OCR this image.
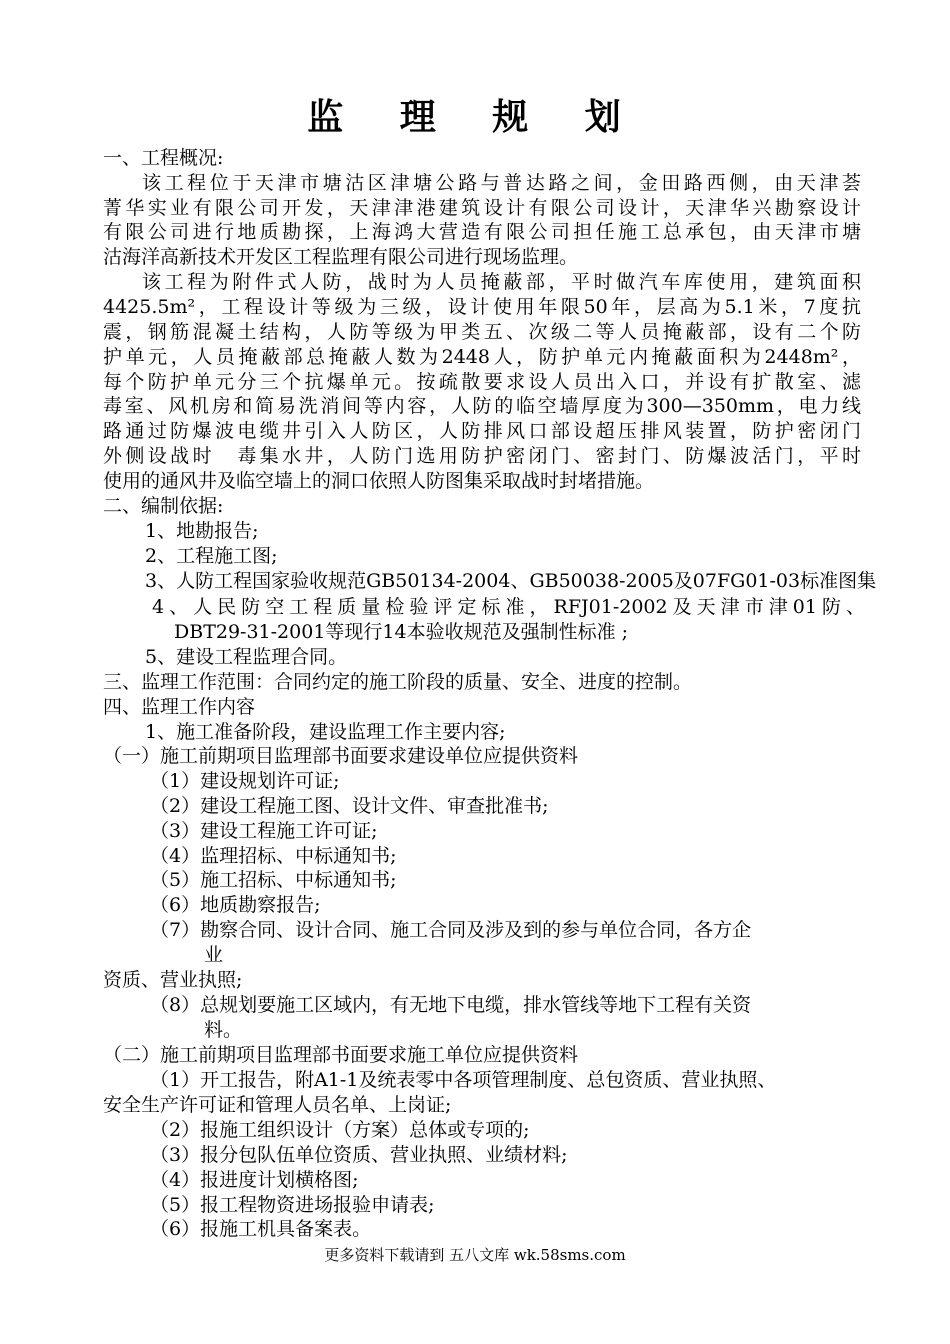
监 理 规 划
一、工程概况:
该工程位于天津市塘沽区津塘公路与普达路之间，金田路西侧，由天津荟
菁华实业有限公司开发，天津津港建筑设计有限公司设计，天津华兴勘察设计
有限公司进行地质勘探，上海鸿大营造有限公司担任施工总承包，由天津市塘
沽海洋高新技术开发区工程监理有限公司进行现场监理。
该工程为附件式人防，战时为人员掩蔽部，平时做汽车库使用，建筑面积
4425.5m²，工程设计等级为三级，设计使用年限50年，层高为5.1米，7度抗
震，钢筋混凝土结构，人防等级为甲类五、次级二等人员掩蔽部，设有二个防
护单元，人员掩蔽部总掩蔽人数为2448人，防护单元内掩蔽面积为2448m²，
每个防护单元分三个抗爆单元。按疏散要求设人员出入口，并设有扩散室、滤
毒室、风机房和简易洗消间等内容，人防的临空墙厚度为300—350mm，电力线
路通过防爆波电缆井引入人防区，人防排风口部设超压排风装置，防护密闭门
外侧设战时　毒集水井，人防门选用防护密闭门、密封门、防爆波活门，平时
使用的通风井及临空墙上的洞口依照人防图集采取战时封堵措施。
二、编制依据:
1、地勘报告;
2、工程施工图;
3、人防工程国家验收规范GB50134-2004、GB50038-2005及07FG01-03标准图集
4、人民防空工程质量检验评定标准，RFJ01-2002及天津市津01防、
DBT29-31-2001等现行14本验收规范及强制性标准 ;
5、建设工程监理合同。
三、监理工作范围：合同约定的施工阶段的质量、安全、进度的控制。
四、监理工作内容
1、施工准备阶段，建设监理工作主要内容;
（一）施工前期项目监理部书面要求建设单位应提供资料
（1）建设规划许可证;
（2）建设工程施工图、设计文件、审查批准书;
（3）建设工程施工许可证;
（4）监理招标、中标通知书;
（5）施工招标、中标通知书;
（6）地质勘察报告;
（7）勘察合同、设计合同、施工合同及涉及到的参与单位合同，各方企
业
资质、营业执照;
（8）总规划要施工区域内，有无地下电缆，排水管线等地下工程有关资
料。
（二）施工前期项目监理部书面要求施工单位应提供资料
（1）开工报告，附A1-1及统表零中各项管理制度、总包资质、营业执照、
安全生产许可证和管理人员名单、上岗证;
（2）报施工组织设计（方案）总体或专项的;
（3）报分包队伍单位资质、营业执照、业绩材料;
（4）报进度计划横格图;
（5）报工程物资进场报验申请表;
（6）报施工机具备案表。
更多资料下载请到 五八文库 wk.58sms.com
